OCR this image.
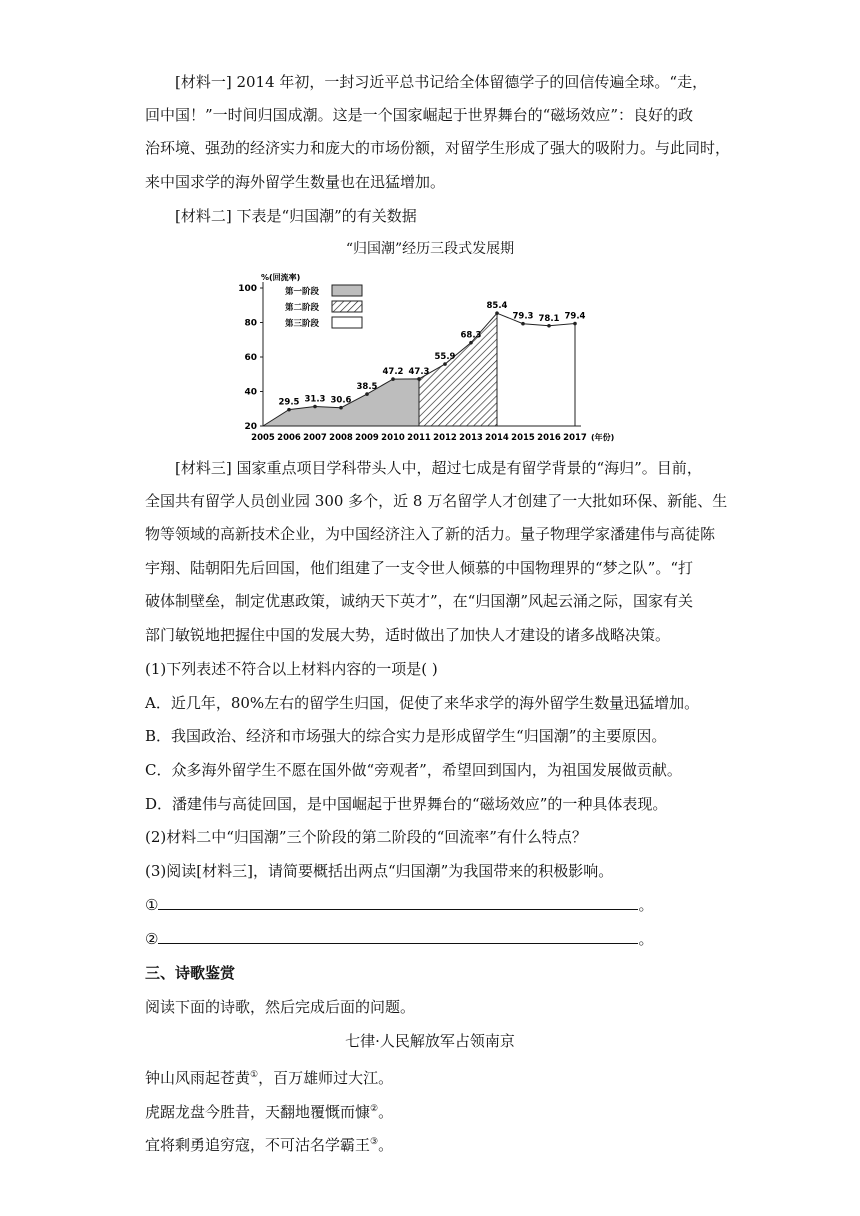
[材料一] 2014 年初，一封习近平总书记给全体留德学子的回信传遍全球。“走，
回中国！”一时间归国成潮。这是一个国家崛起于世界舞台的“磁场效应”：良好的政
治环境、强劲的经济实力和庞大的市场份额，对留学生形成了强大的吸附力。与此同时，
来中国求学的海外留学生数量也在迅猛增加。
[材料二] 下表是“归国潮”的有关数据
“归国潮”经历三段式发展期
29.5 31.3 30.6
38.5
47.2 47.3
55.9
68.3
85.4
79.3 78.1 79.4
20
40
60
80
100
2005 2006 2007 2008 2009 2010 2011 2012 2013 2014 2015 2016 2017 (年份)
%(回流率)
第一阶段
第二阶段
第三阶段
[材料三] 国家重点项目学科带头人中，超过七成是有留学背景的“海归”。目前，
全国共有留学人员创业园 300 多个，近 8 万名留学人才创建了一大批如环保、新能、生
物等领域的高新技术企业，为中国经济注入了新的活力。量子物理学家潘建伟与高徒陈
宇翔、陆朝阳先后回国，他们组建了一支令世人倾慕的中国物理界的“梦之队”。“打
破体制壁垒，制定优惠政策，诚纳天下英才”，在“归国潮”风起云涌之际，国家有关
部门敏锐地把握住中国的发展大势，适时做出了加快人才建设的诸多战略决策。
(1)下列表述不符合以上材料内容的一项是( )
A．近几年，80%左右的留学生归国，促使了来华求学的海外留学生数量迅猛增加。
B．我国政治、经济和市场强大的综合实力是形成留学生“归国潮”的主要原因。
C．众多海外留学生不愿在国外做“旁观者”，希望回到国内，为祖国发展做贡献。
D．潘建伟与高徒回国，是中国崛起于世界舞台的“磁场效应”的一种具体表现。
(2)材料二中“归国潮”三个阶段的第二阶段的“回流率”有什么特点？
(3)阅读[材料三]，请简要概括出两点“归国潮”为我国带来的积极影响。
①	。
②	。
三、诗歌鉴赏
阅读下面的诗歌，然后完成后面的问题。
七律·人民解放军占领南京
钟山风雨起苍黄①，百万雄师过大江。
虎踞龙盘今胜昔，天翻地覆慨而慷②。
宜将剩勇追穷寇，不可沽名学霸王③。
